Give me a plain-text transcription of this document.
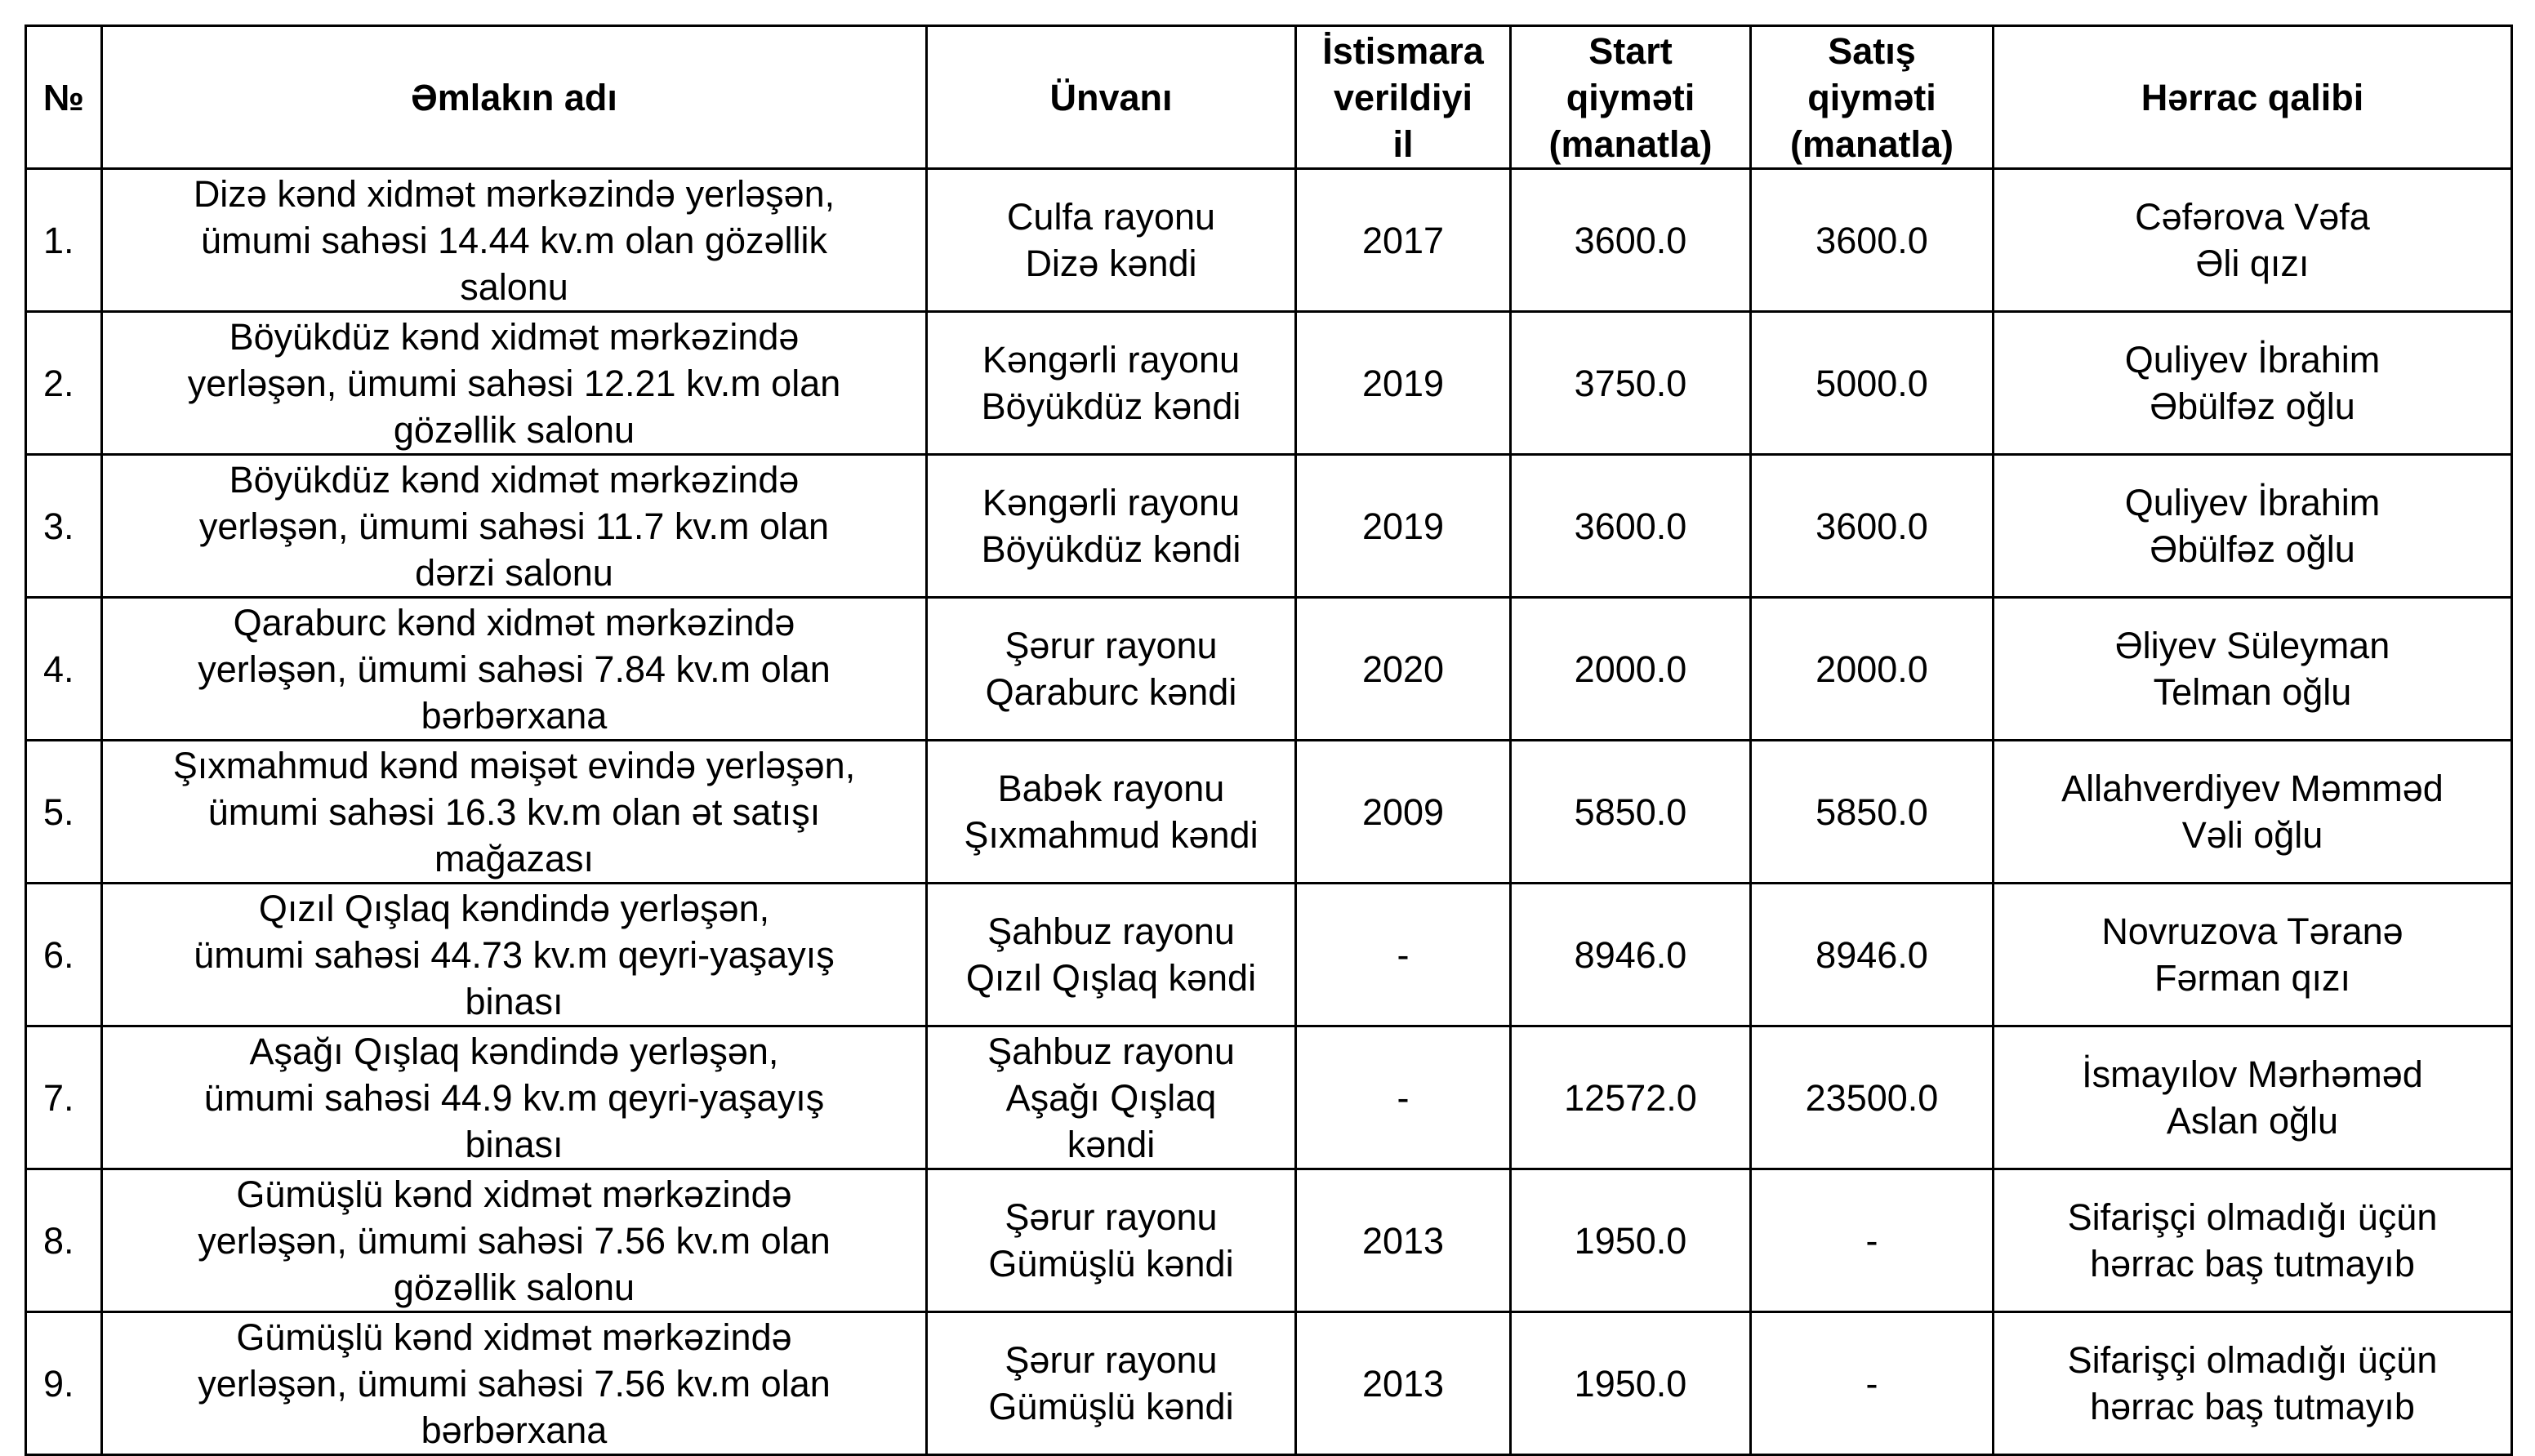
№	Əmlakın adı	Ünvanı	İstismara
verildiyi
il	Start
qiyməti
(manatla)	Satış
qiyməti
(manatla)	Hərrac qalibi

1.	Dizə kənd xidmət mərkəzində yerləşən,
ümumi sahəsi 14.44 kv.m olan gözəllik
salonu	Culfa rayonu
Dizə kəndi	2017	3600.0	3600.0	Cəfərova Vəfa
Əli qızı

2.	Böyükdüz kənd xidmət mərkəzində
yerləşən, ümumi sahəsi 12.21 kv.m olan
gözəllik salonu	Kəngərli rayonu
Böyükdüz kəndi	2019	3750.0	5000.0	Quliyev İbrahim
Əbülfəz oğlu

3.	Böyükdüz kənd xidmət mərkəzində
yerləşən, ümumi sahəsi 11.7 kv.m olan
dərzi salonu	Kəngərli rayonu
Böyükdüz kəndi	2019	3600.0	3600.0	Quliyev İbrahim
Əbülfəz oğlu

4.	Qaraburc kənd xidmət mərkəzində
yerləşən, ümumi sahəsi 7.84 kv.m olan
bərbərxana	Şərur rayonu
Qaraburc kəndi	2020	2000.0	2000.0	Əliyev Süleyman
Telman oğlu

5.	Şıxmahmud kənd məişət evində yerləşən,
ümumi sahəsi 16.3 kv.m olan ət satışı
mağazası	Babək rayonu
Şıxmahmud kəndi	2009	5850.0	5850.0	Allahverdiyev Məmməd
Vəli oğlu

6.	Qızıl Qışlaq kəndində yerləşən,
ümumi sahəsi 44.73 kv.m qeyri-yaşayış
binası	Şahbuz rayonu
Qızıl Qışlaq kəndi	-	8946.0	8946.0	Novruzova Təranə
Fərman qızı

7.	Aşağı Qışlaq kəndində yerləşən,
ümumi sahəsi 44.9 kv.m qeyri-yaşayış
binası	Şahbuz rayonu
Aşağı Qışlaq
kəndi	-	12572.0	23500.0	İsmayılov Mərhəməd
Aslan oğlu

8.	Gümüşlü kənd xidmət mərkəzində
yerləşən, ümumi sahəsi 7.56 kv.m olan
gözəllik salonu	Şərur rayonu
Gümüşlü kəndi	2013	1950.0	-	Sifarişçi olmadığı üçün
hərrac baş tutmayıb

9.	Gümüşlü kənd xidmət mərkəzində
yerləşən, ümumi sahəsi 7.56 kv.m olan
bərbərxana	Şərur rayonu
Gümüşlü kəndi	2013	1950.0	-	Sifarişçi olmadığı üçün
hərrac baş tutmayıb
